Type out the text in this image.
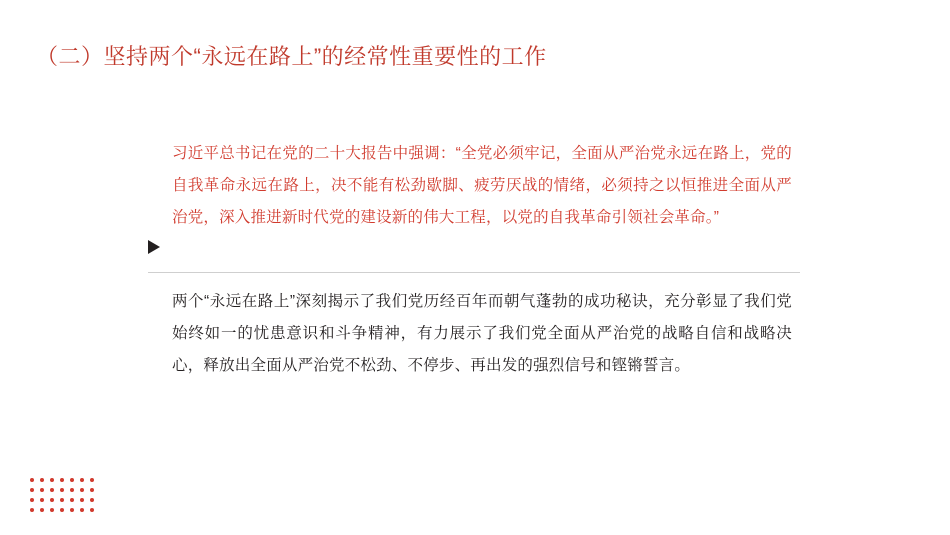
（二）坚持两个“永远在路上”的经常性重要性的工作
习近平总书记在党的二十大报告中强调：“全党必须牢记，全面从严治党永远在路上，党的自我革命永远在路上，决不能有松劲歇脚、疲劳厌战的情绪，必须持之以恒推进全面从严治党，深入推进新时代党的建设新的伟大工程，以党的自我革命引领社会革命。”
两个“永远在路上”深刻揭示了我们党历经百年而朝气蓬勃的成功秘诀，充分彰显了我们党始终如一的忧患意识和斗争精神，有力展示了我们党全面从严治党的战略自信和战略决心，释放出全面从严治党不松劲、不停步、再出发的强烈信号和铿锵誓言。
